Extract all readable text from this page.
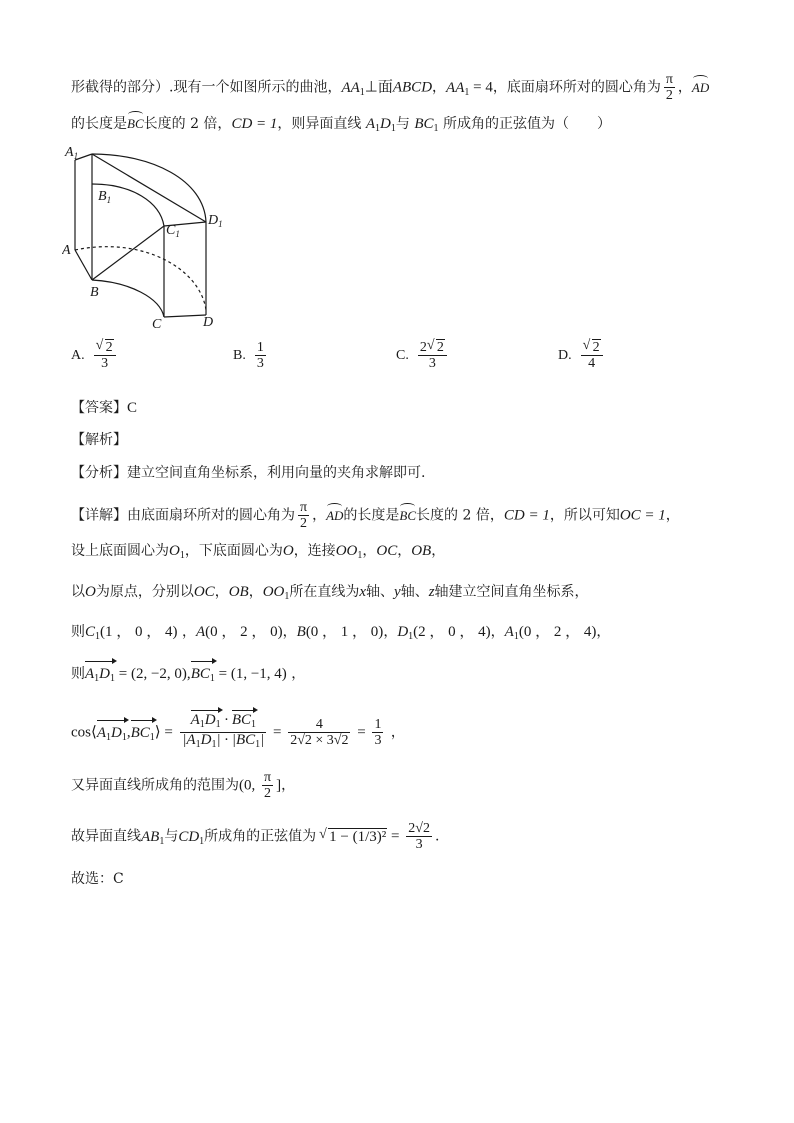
形截得的部分）.现有一个如图所示的曲池，$AA_1\perp$面ABCD，$AA_1 = 4$，底面扇环所对的圆心角为 $\frac{\pi}{2}$ ，AD
的长度是BC长度的 2 倍，CD = 1，则异面直线 $A_1D_1$与 $BC_1$ 所成角的正弦值为（　　）
$A_1$
$B_1$
$C_1$
$D_1$
A
B
C	D
A. √ $\frac{2}{3}$	B. $\frac{1}{3}$	C. $\frac{2 √ 2}{3}$	D. √ $\frac{2}{4}$
【答案】C
【解析】
【分析】建立空间直角坐标系，利用向量的夹角求解即可.
【详解】由底面扇环所对的圆心角为 $\frac{\pi}{2}$ ，AD的长度是BC长度的 2 倍，CD = 1，所以可知OC = 1，
设上底面圆心为$O_1$，下底面圆心为O，连接$OO_1$，OC，OB，
以O为原点，分别以OC，OB，$OO_1$所在直线为x轴、y轴、z轴建立空间直角坐标系，
则$C_1(1$ ， 0 ， 4) ，A(0 ， 2 ， 0)，B(0 ， 1 ， 0)，$D_1(2$ ， 0 ， 4)，$A_1(0$ ， 2 ， 4)，
则$A_1D_1 = (2$, −2, $0),BC_1 = (1$, −1, 4) ，
$\cos⟨A_1D_1,BC_1⟩ = \frac{A_1D_1 \cdot BC_1}{|A_1D_1| \cdot |BC_1|} = \frac{4}{2√2 \times 3√2} = \frac{1}{3}$ ，
又异面直线所成角的范围为(0, $\frac{\pi}{2}$ ]，
故异面直线$AB_1$与$CD_1$所成角的正弦值为 √ $1 - (1/3)^2 = \frac{2√2}{3}$ .
故选：C
